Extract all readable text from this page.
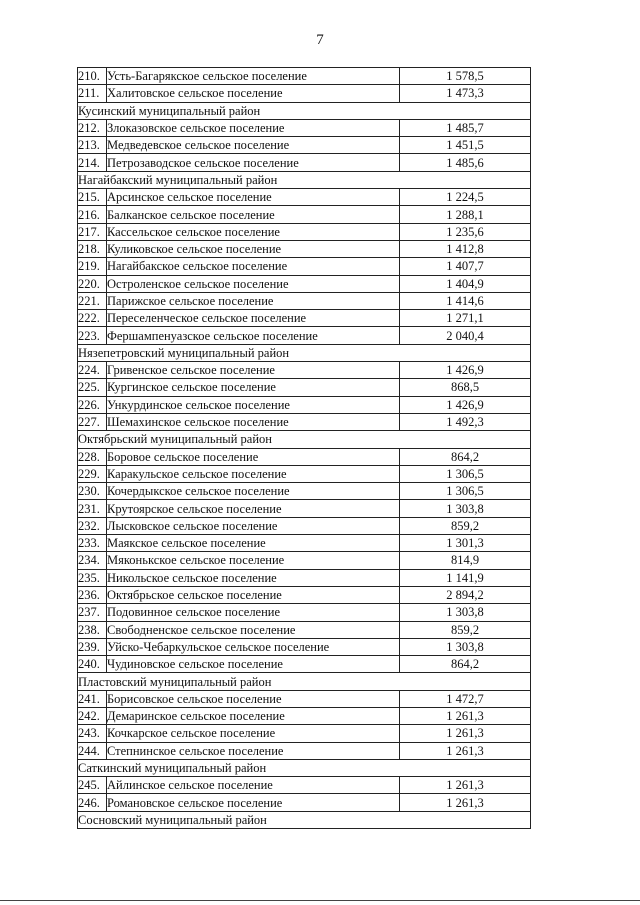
7
210.	Усть-Багарякское сельское поселение	1 578,5
211.	Халитовское сельское поселение	1 473,3
Кусинский муниципальный район		
212.	Злоказовское сельское поселение	1 485,7
213.	Медведевское сельское поселение	1 451,5
214.	Петрозаводское сельское поселение	1 485,6
Нагайбакский муниципальный район		
215.	Арсинское сельское поселение	1 224,5
216.	Балканское сельское поселение	1 288,1
217.	Кассельское сельское поселение	1 235,6
218.	Куликовское сельское поселение	1 412,8
219.	Нагайбакское сельское поселение	1 407,7
220.	Остроленское сельское поселение	1 404,9
221.	Парижское сельское поселение	1 414,6
222.	Переселенческое сельское поселение	1 271,1
223.	Фершампенуазское сельское поселение	2 040,4
Нязепетровский муниципальный район		
224.	Гривенское сельское поселение	1 426,9
225.	Кургинское сельское поселение	868,5
226.	Ункурдинское сельское поселение	1 426,9
227.	Шемахинское сельское поселение	1 492,3
Октябрьский муниципальный район		
228.	Боровое сельское поселение	864,2
229.	Каракульское сельское поселение	1 306,5
230.	Кочердыкское сельское поселение	1 306,5
231.	Крутоярское сельское поселение	1 303,8
232.	Лысковское сельское поселение	859,2
233.	Маякское сельское поселение	1 301,3
234.	Мяконькское сельское поселение	814,9
235.	Никольское сельское поселение	1 141,9
236.	Октябрьское сельское поселение	2 894,2
237.	Подовинное сельское поселение	1 303,8
238.	Свободненское сельское поселение	859,2
239.	Уйско-Чебаркульское сельское поселение	1 303,8
240.	Чудиновское сельское поселение	864,2
Пластовский муниципальный район		
241.	Борисовское сельское поселение	1 472,7
242.	Демаринское сельское поселение	1 261,3
243.	Кочкарское сельское поселение	1 261,3
244.	Степнинское сельское поселение	1 261,3
Саткинский муниципальный район		
245.	Айлинское сельское поселение	1 261,3
246.	Романовское сельское поселение	1 261,3
Сосновский муниципальный район		
